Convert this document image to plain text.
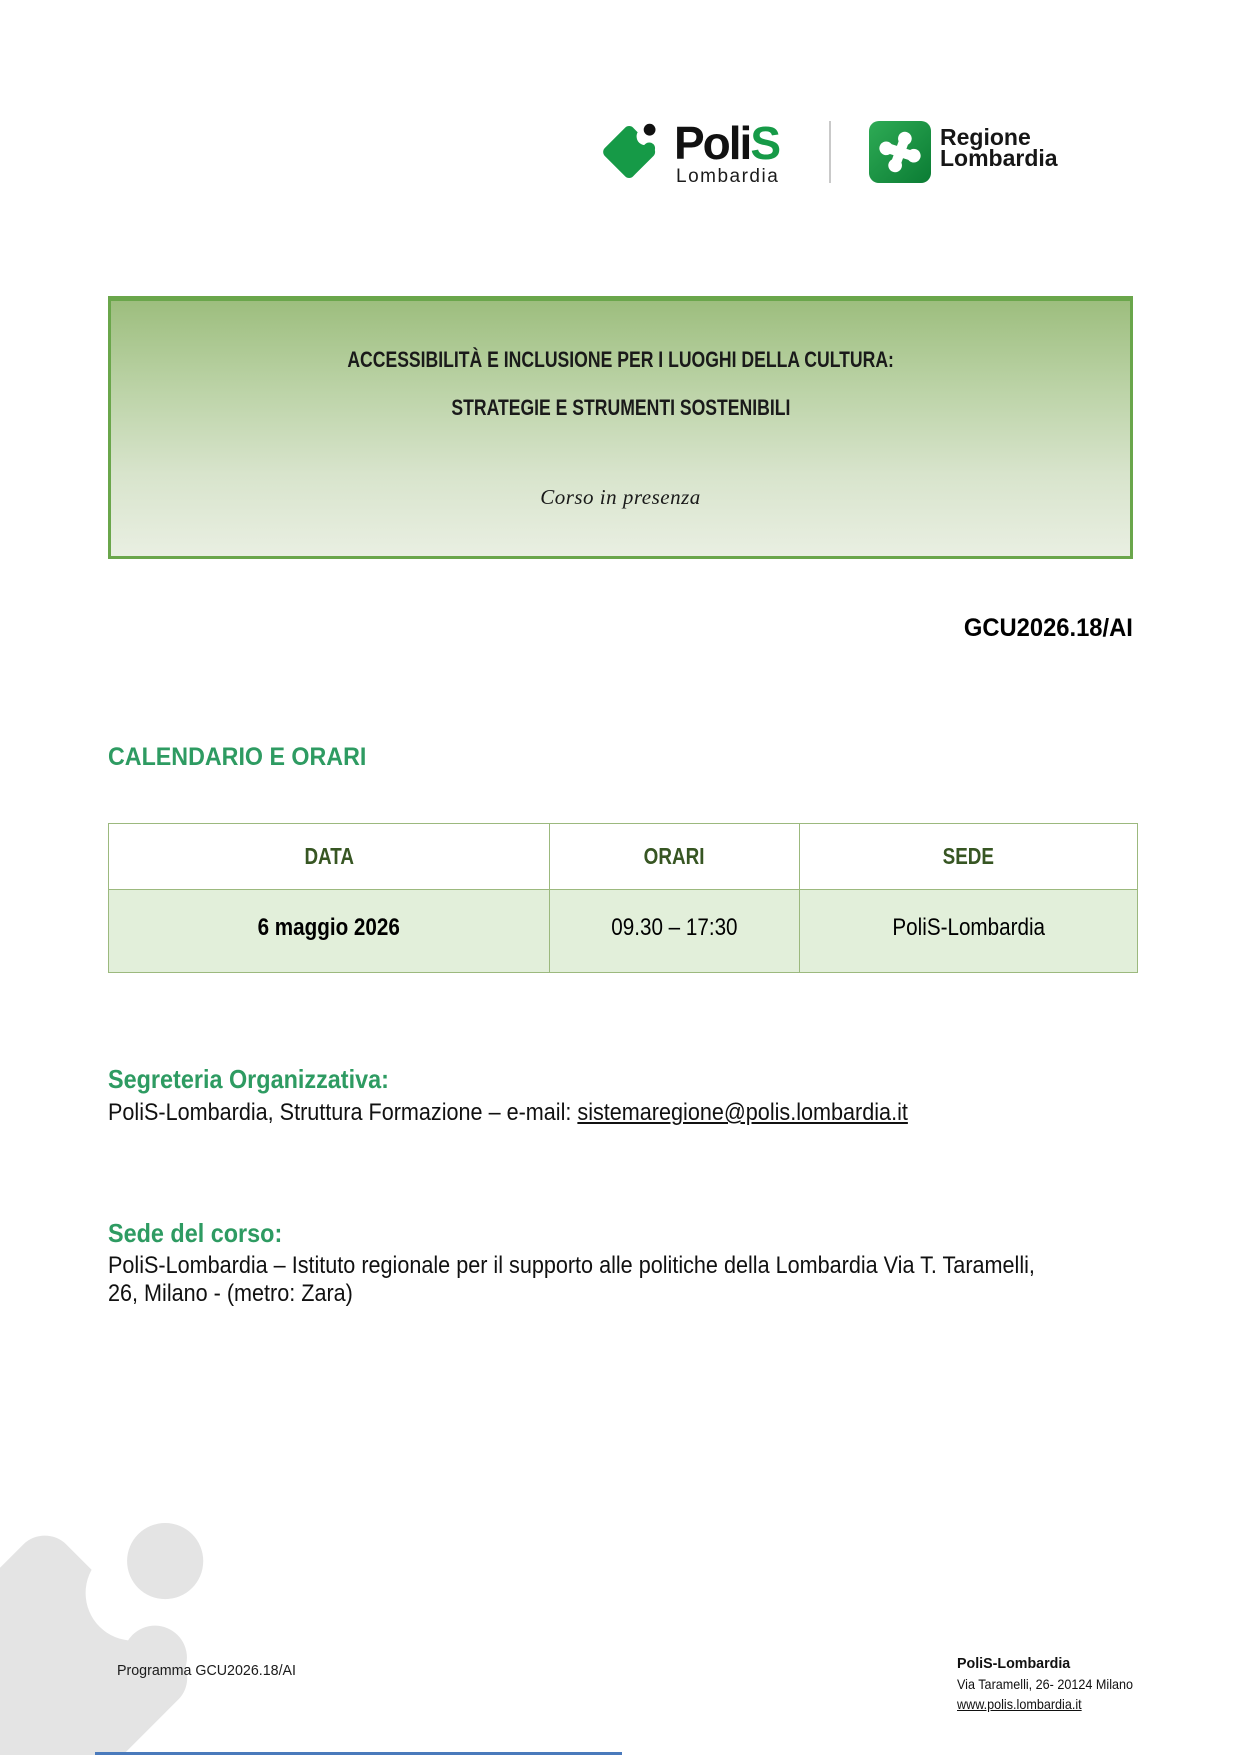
PoliS
Lombardia
Regione
Lombardia
ACCESSIBILITÀ E INCLUSIONE PER I LUOGHI DELLA CULTURA:
STRATEGIE E STRUMENTI SOSTENIBILI
Corso in presenza
GCU2026.18/AI
CALENDARIO E ORARI
DATA	ORARI	SEDE
6 maggio 2026	09.30 – 17:30	PoliS-Lombardia
Segreteria Organizzativa:
PoliS-Lombardia, Struttura Formazione – e-mail: sistemaregione@polis.lombardia.it
Sede del corso:
PoliS-Lombardia – Istituto regionale per il supporto alle politiche della Lombardia Via T. Taramelli,
26, Milano - (metro: Zara)
Programma GCU2026.18/AI	PoliS-Lombardia
Via Taramelli, 26- 20124 Milano
www.polis.lombardia.it
